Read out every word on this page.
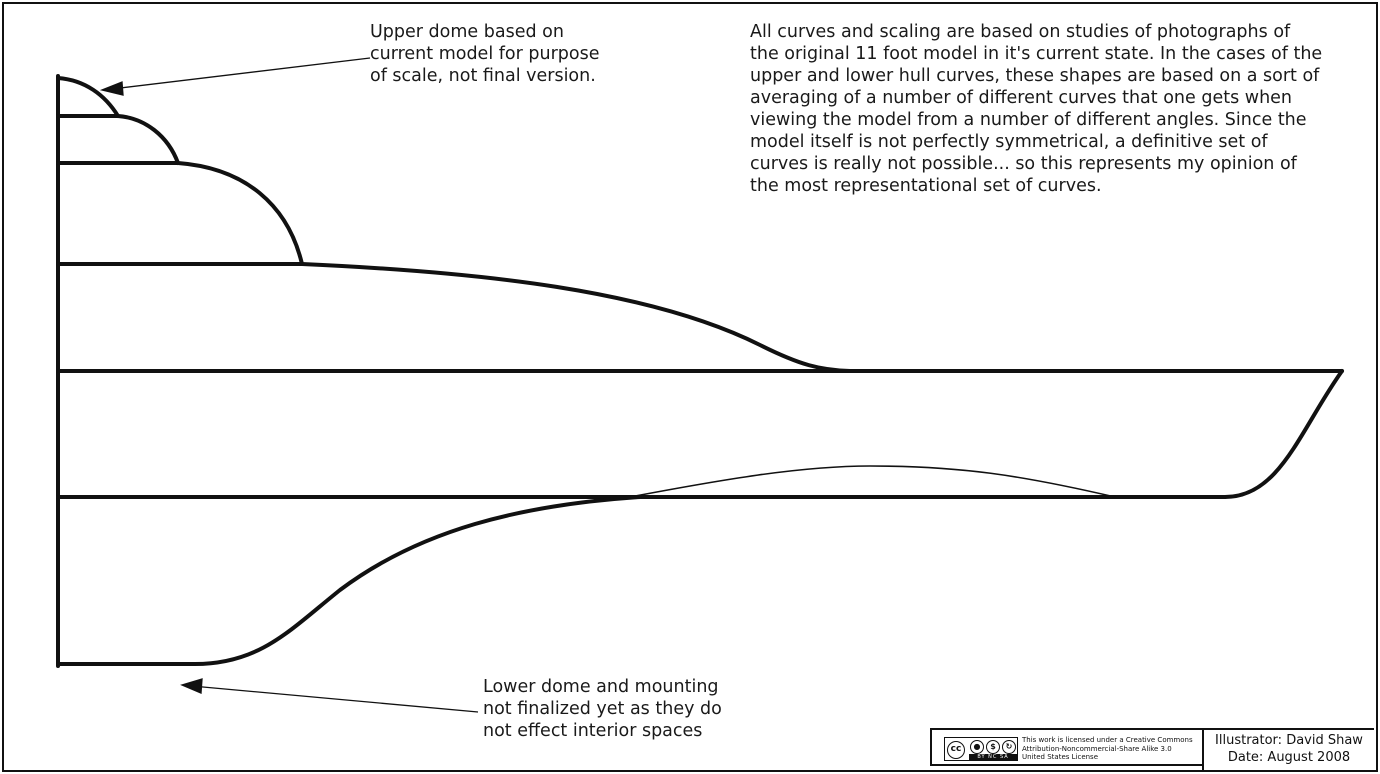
Upper dome based on
current model for purpose
of scale, not final version.
All curves and scaling are based on studies of photographs of
the original 11 foot model in it's current state. In the cases of the
upper and lower hull curves, these shapes are based on a sort of
averaging of a number of different curves that one gets when
viewing the model from a number of different angles. Since the
model itself is not perfectly symmetrical, a definitive set of
curves is really not possible... so this represents my opinion of
the most representational set of curves.
Lower dome and mounting
not finalized yet as they do
not effect interior spaces
cc	●	$	↻
BY NC SA
This work is licensed under a Creative Commons
Attribution-Noncommercial-Share Alike 3.0
United States License
Illustrator: David Shaw
Date: August 2008
